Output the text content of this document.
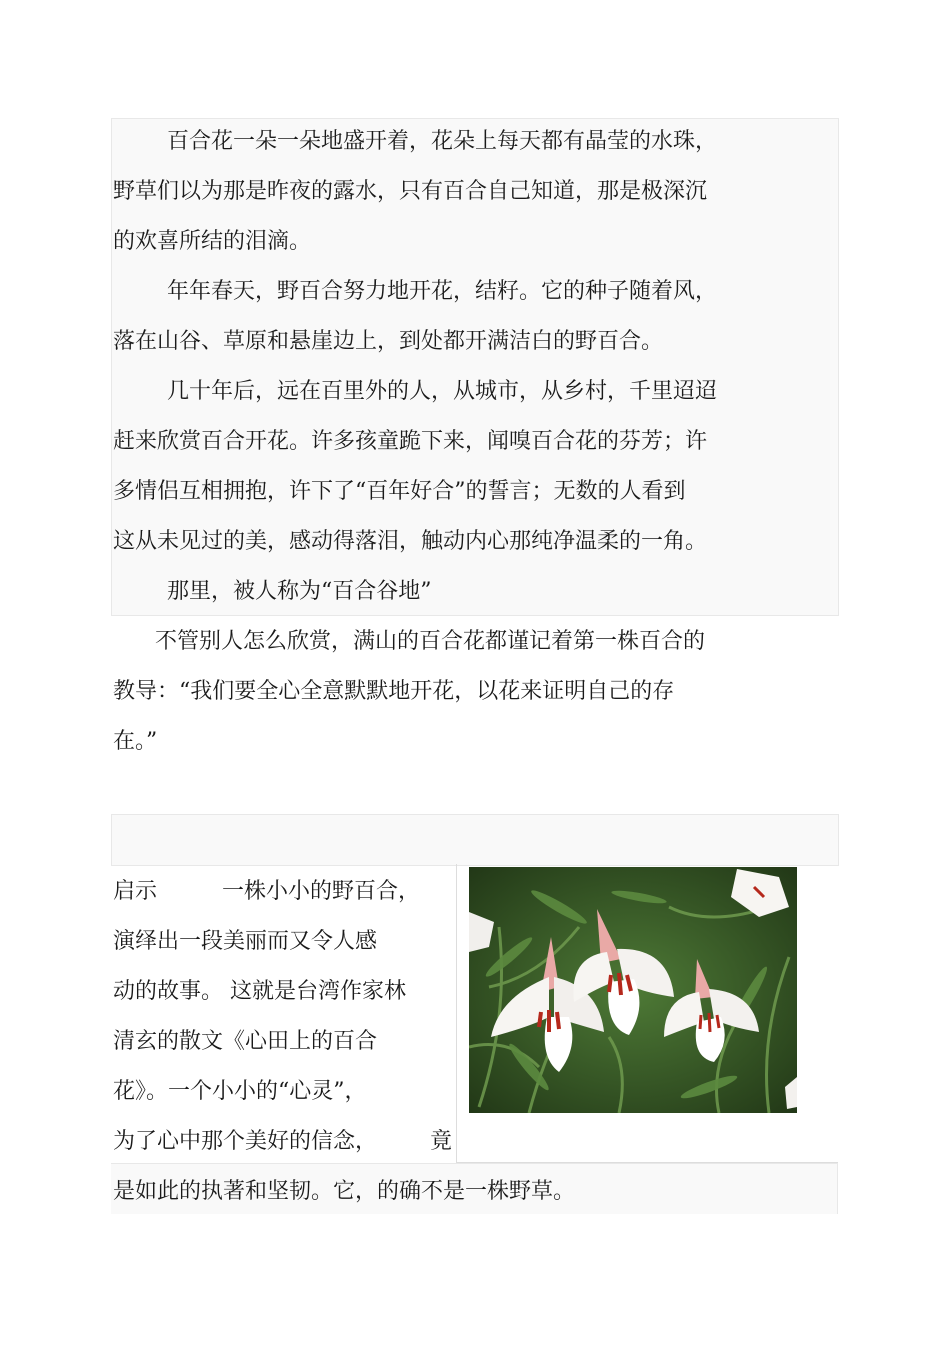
百合花一朵一朵地盛开着，花朵上每天都有晶莹的水珠，
野草们以为那是昨夜的露水，只有百合自己知道，那是极深沉
的欢喜所结的泪滴。
年年春天，野百合努力地开花，结籽。它的种子随着风，
落在山谷、草原和悬崖边上，到处都开满洁白的野百合。
几十年后，远在百里外的人，从城市，从乡村，千里迢迢
赶来欣赏百合开花。许多孩童跪下来，闻嗅百合花的芬芳；许
多情侣互相拥抱，许下了“百年好合”的誓言；无数的人看到
这从未见过的美，感动得落泪，触动内心那纯净温柔的一角。
那里，被人称为“百合谷地”
不管别人怎么欣赏，满山的百合花都谨记着第一株百合的
教导：“我们要全心全意默默地开花，以花来证明自己的存
在。”
启示	一株小小的野百合，
演绎出一段美丽而又令人感
动的故事。 这就是台湾作家林
清玄的散文《心田上的百合
花》。一个小小的“心灵”，
为了心中那个美好的信念， 竟
是如此的执著和坚韧。它，的确不是一株野草。
